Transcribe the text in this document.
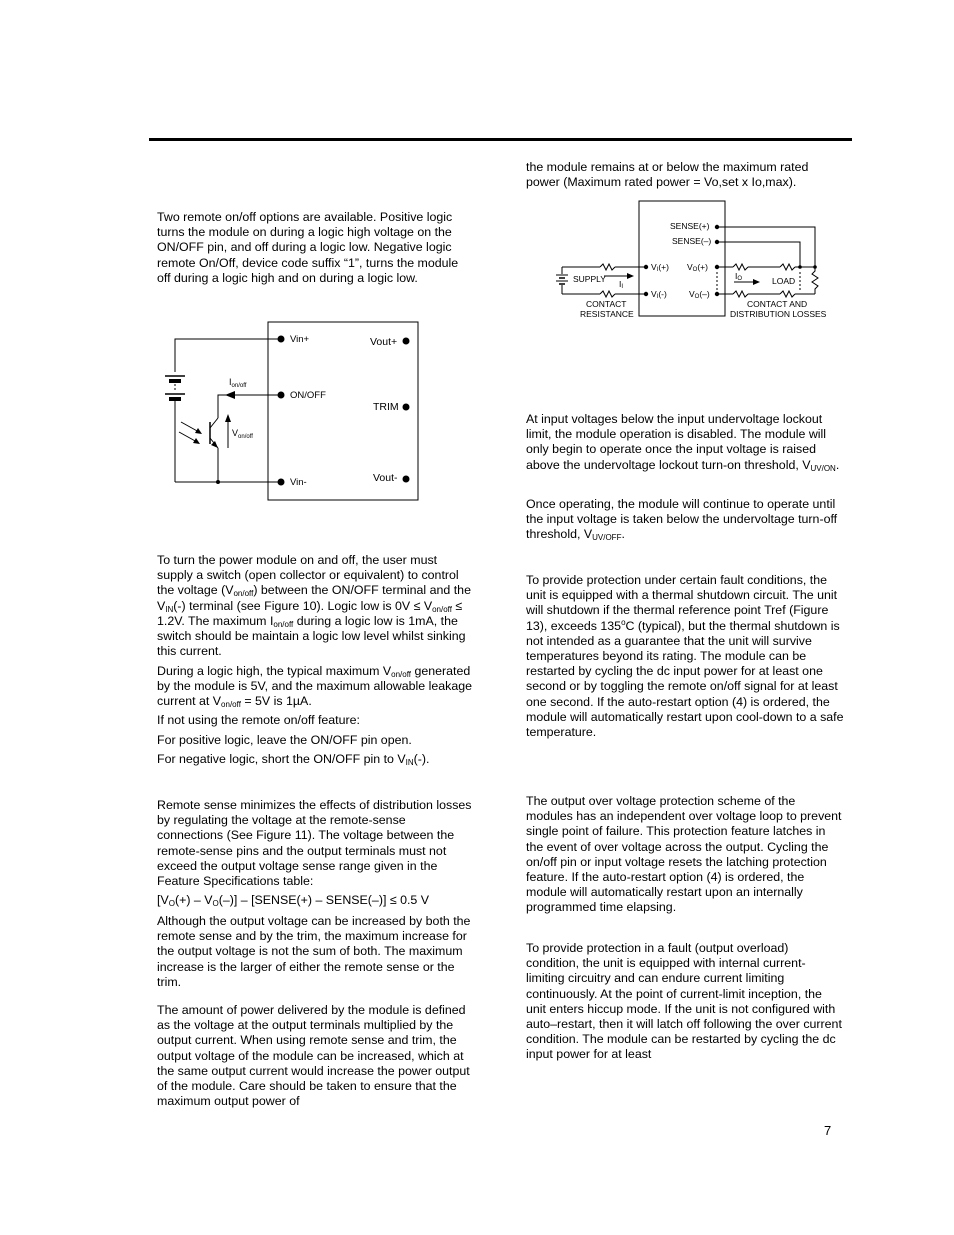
Two remote on/off options are available. Positive logic turns the module on during a logic high voltage on the ON/OFF pin, and off during a logic low. Negative logic remote On/Off, device code suffix “1”, turns the module off during a logic high and on during a logic low.

Vin+
ON/OFF
Vin-
Vout+
TRIM
Vout-
$I_{on/off}$
$V_{on/off}$

To turn the power module on and off, the user must supply a switch (open collector or equivalent) to control the voltage $(V_{on/off})$ between the ON/OFF terminal and the $V_{IN}(-)$ terminal (see Figure 10). Logic low is $0V \le V_{on/off} \le 1.2V$. The maximum $I_{on/off}$ during a logic low is 1mA, the switch should be maintain a logic low level whilst sinking this current.

During a logic high, the typical maximum $V_{on/off}$ generated by the module is 5V, and the maximum allowable leakage current at $V_{on/off} = 5V$ is 1µA.

If not using the remote on/off feature:

For positive logic, leave the ON/OFF pin open.

For negative logic, short the ON/OFF pin to $V_{IN}(-)$.

Remote sense minimizes the effects of distribution losses by regulating the voltage at the remote-sense connections (See Figure 11). The voltage between the remote-sense pins and the output terminals must not exceed the output voltage sense range given in the Feature Specifications table:

$[V_O(+) - V_O(-)]$ – [SENSE(+) – SENSE(–)] ≤ 0.5 V

Although the output voltage can be increased by both the remote sense and by the trim, the maximum increase for the output voltage is not the sum of both. The maximum increase is the larger of either the remote sense or the trim.

The amount of power delivered by the module is defined as the voltage at the output terminals multiplied by the output current. When using remote sense and trim, the output voltage of the module can be increased, which at the same output current would increase the power output of the module. Care should be taken to ensure that the maximum output power of

the module remains at or below the maximum rated power (Maximum rated power = Vo,set x Io,max).

SENSE(+)
SENSE(–)
VI(+)
VI(-)
VO(+)
VO(–)
SUPPLY II
IO	LOAD
CONTACT
RESISTANCE
CONTACT AND
DISTRIBUTION LOSSES

At input voltages below the input undervoltage lockout limit, the module operation is disabled. The module will only begin to operate once the input voltage is raised above the undervoltage lockout turn-on threshold, $V_{UV/ON}$.

Once operating, the module will continue to operate until the input voltage is taken below the undervoltage turn-off threshold, $V_{UV/OFF}$.

To provide protection under certain fault conditions, the unit is equipped with a thermal shutdown circuit. The unit will shutdown if the thermal reference point Tref (Figure 13), exceeds 135$^o$C (typical), but the thermal shutdown is not intended as a guarantee that the unit will survive temperatures beyond its rating. The module can be restarted by cycling the dc input power for at least one second or by toggling the remote on/off signal for at least one second. If the auto-restart option (4) is ordered, the module will automatically restart upon cool-down to a safe temperature.

The output over voltage protection scheme of the modules has an independent over voltage loop to prevent single point of failure. This protection feature latches in the event of over voltage across the output. Cycling the on/off pin or input voltage resets the latching protection feature. If the auto-restart option (4) is ordered, the module will automatically restart upon an internally programmed time elapsing.

To provide protection in a fault (output overload) condition, the unit is equipped with internal current-limiting circuitry and can endure current limiting continuously. At the point of current-limit inception, the unit enters hiccup mode. If the unit is not configured with auto–restart, then it will latch off following the over current condition. The module can be restarted by cycling the dc input power for at least

7
